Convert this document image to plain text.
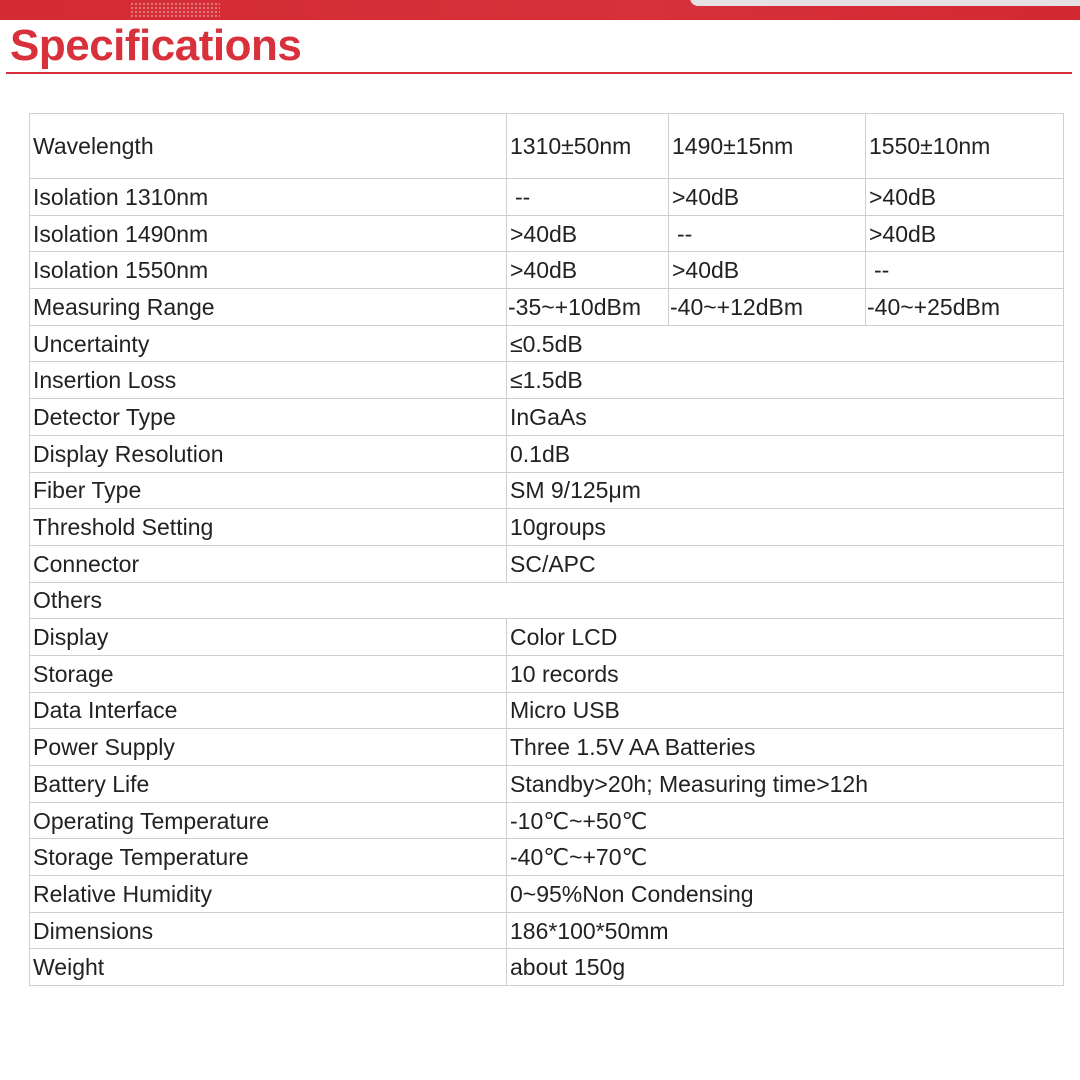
Specifications
Wavelength	1310±50nm	1490±15nm	1550±10nm
Isolation 1310nm	--	>40dB	>40dB
Isolation 1490nm	>40dB	--	>40dB
Isolation 1550nm	>40dB	>40dB	--
Measuring Range	-35~+10dBm	-40~+12dBm	-40~+25dBm
Uncertainty	≤0.5dB		
Insertion Loss	≤1.5dB		
Detector Type	InGaAs		
Display Resolution	0.1dB		
Fiber Type	SM 9/125μm		
Threshold Setting	10groups		
Connector	SC/APC		
Others			
Display	Color LCD		
Storage	10 records		
Data Interface	Micro USB		
Power Supply	Three 1.5V AA Batteries		
Battery Life	Standby>20h; Measuring time>12h		
Operating Temperature	-10℃~+50℃		
Storage Temperature	-40℃~+70℃		
Relative Humidity	0~95%Non Condensing		
Dimensions	186*100*50mm		
Weight	about 150g		
